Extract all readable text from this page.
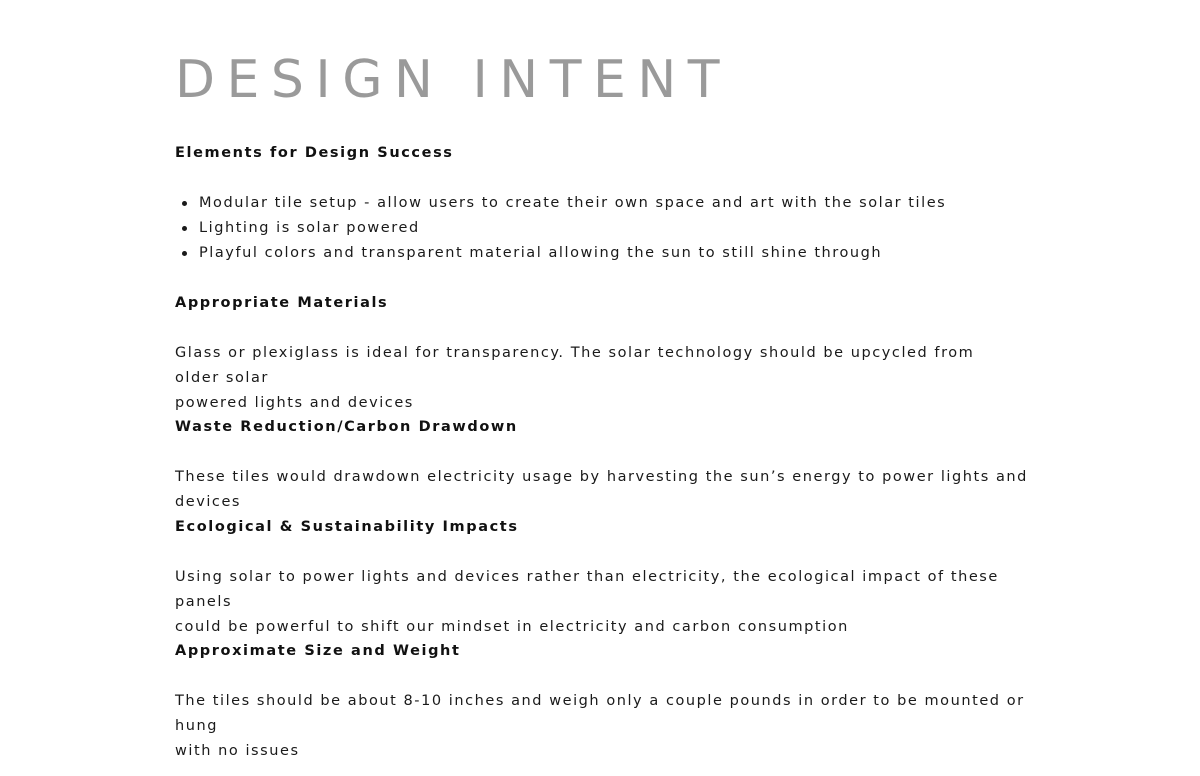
DESIGN INTENT
Elements for Design Success
Modular tile setup - allow users to create their own space and art with the solar tiles
Lighting is solar powered
Playful colors and transparent material allowing the sun to still shine through
Appropriate Materials

Glass or plexiglass is ideal for transparency. The solar technology should be upcycled from older solar
powered lights and devices

Waste Reduction/Carbon Drawdown

These tiles would drawdown electricity usage by harvesting the sun’s energy to power lights and devices

Ecological & Sustainability Impacts

Using solar to power lights and devices rather than electricity, the ecological impact of these panels
could be powerful to shift our mindset in electricity and carbon consumption

Approximate Size and Weight

The tiles should be about 8-10 inches and weigh only a couple pounds in order to be mounted or hung
with no issues
